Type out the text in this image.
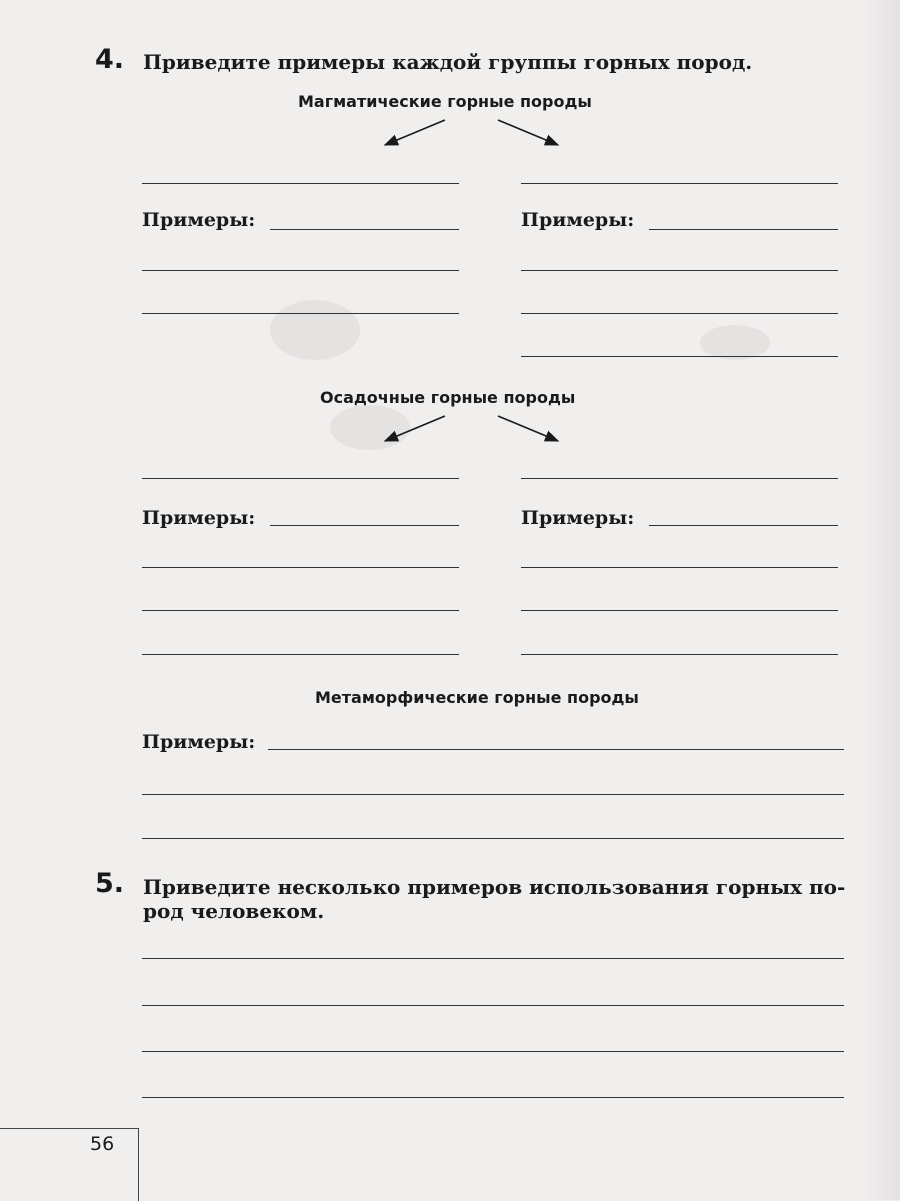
4. Приведите примеры каждой группы горных пород.
Магматические горные породы
Примеры:	Примеры:
Осадочные горные породы
Примеры:	Примеры:
Метаморфические горные породы
Примеры:
5. Приведите несколько примеров использования горных по-
род человеком.
56
